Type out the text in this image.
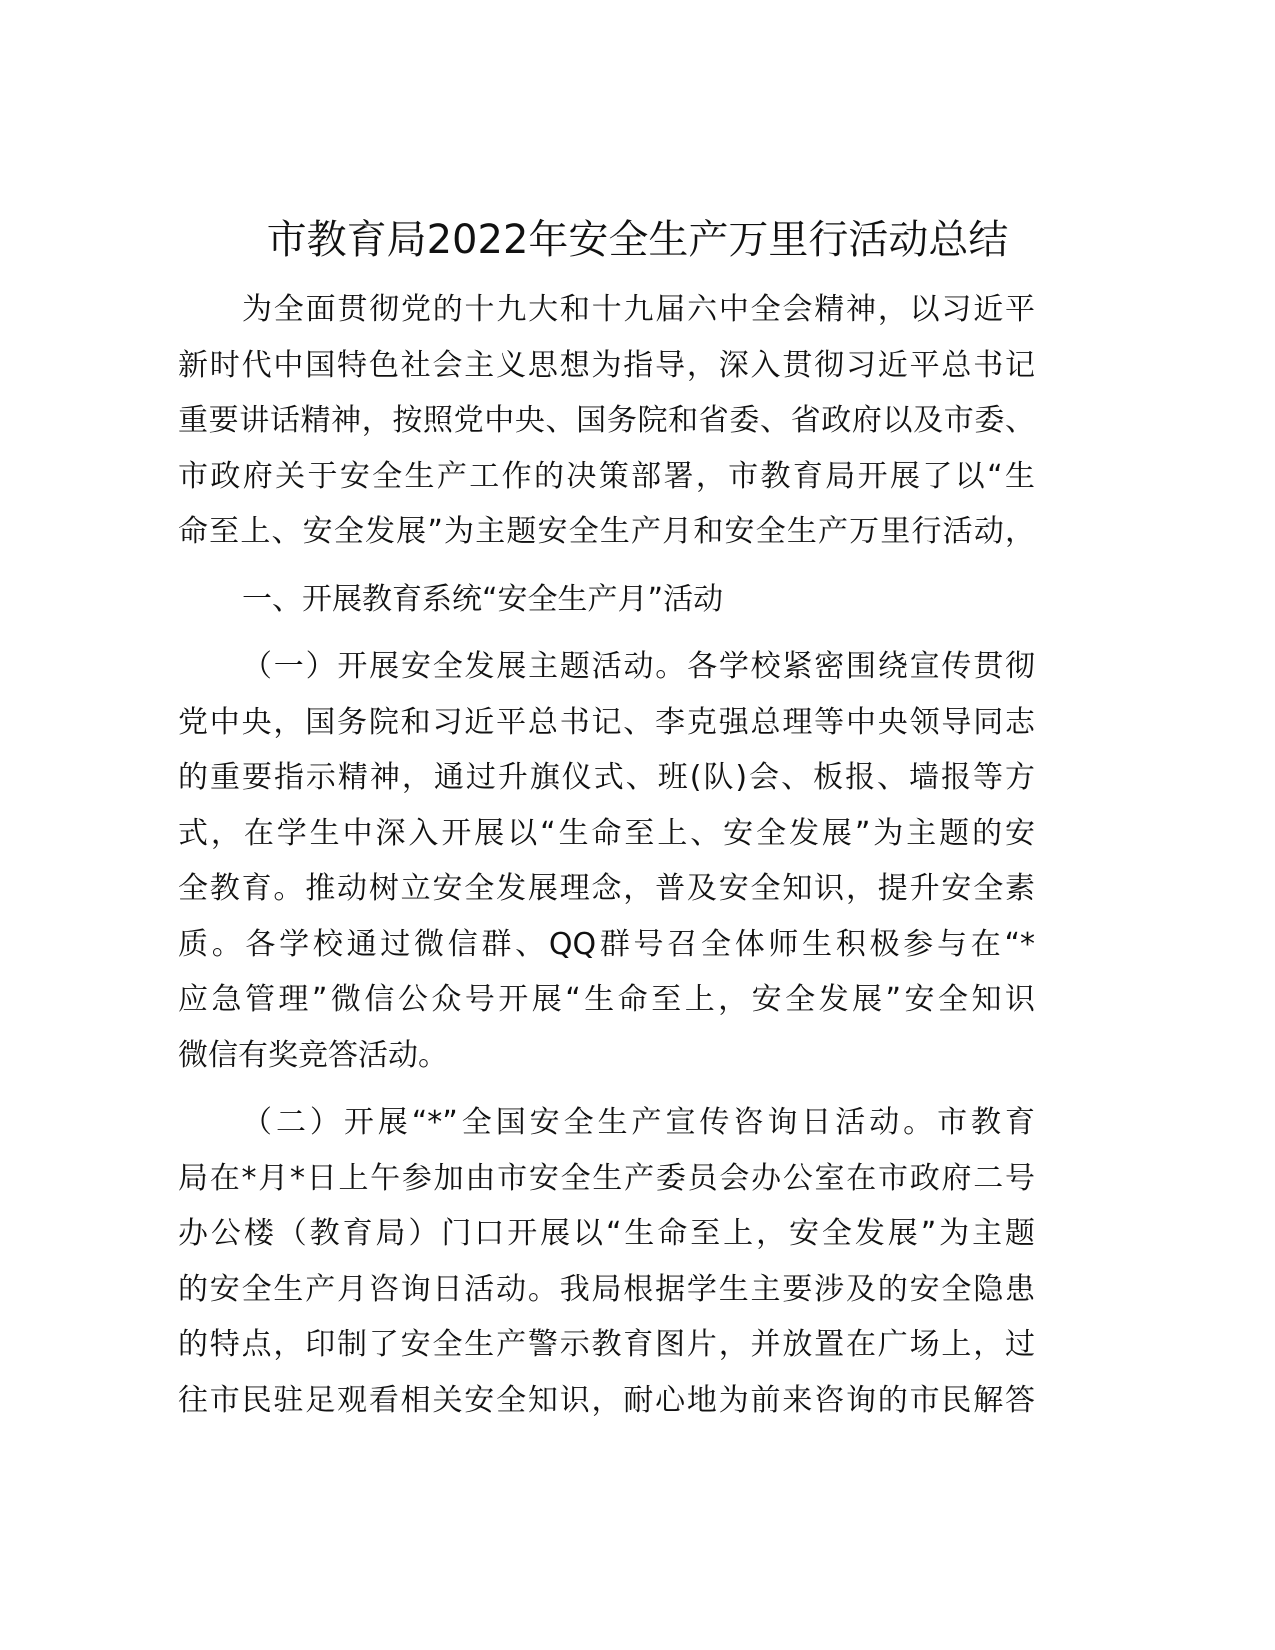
市教育局2022年安全生产万里行活动总结
为全面贯彻党的十九大和十九届六中全会精神，以习近平
新时代中国特色社会主义思想为指导，深入贯彻习近平总书记
重要讲话精神，按照党中央、国务院和省委、省政府以及市委、
市政府关于安全生产工作的决策部署，市教育局开展了以“生
命至上、安全发展”为主题安全生产月和安全生产万里行活动，
一、开展教育系统“安全生产月”活动
（一）开展安全发展主题活动。各学校紧密围绕宣传贯彻
党中央，国务院和习近平总书记、李克强总理等中央领导同志
的重要指示精神，通过升旗仪式、班(队)会、板报、墙报等方
式，在学生中深入开展以“生命至上、安全发展”为主题的安
全教育。推动树立安全发展理念，普及安全知识，提升安全素
质。各学校通过微信群、QQ群号召全体师生积极参与在“*
应急管理”微信公众号开展“生命至上，安全发展”安全知识
微信有奖竞答活动。
（二）开展“*”全国安全生产宣传咨询日活动。市教育
局在*月*日上午参加由市安全生产委员会办公室在市政府二号
办公楼（教育局）门口开展以“生命至上，安全发展”为主题
的安全生产月咨询日活动。我局根据学生主要涉及的安全隐患
的特点，印制了安全生产警示教育图片，并放置在广场上，过
往市民驻足观看相关安全知识，耐心地为前来咨询的市民解答
